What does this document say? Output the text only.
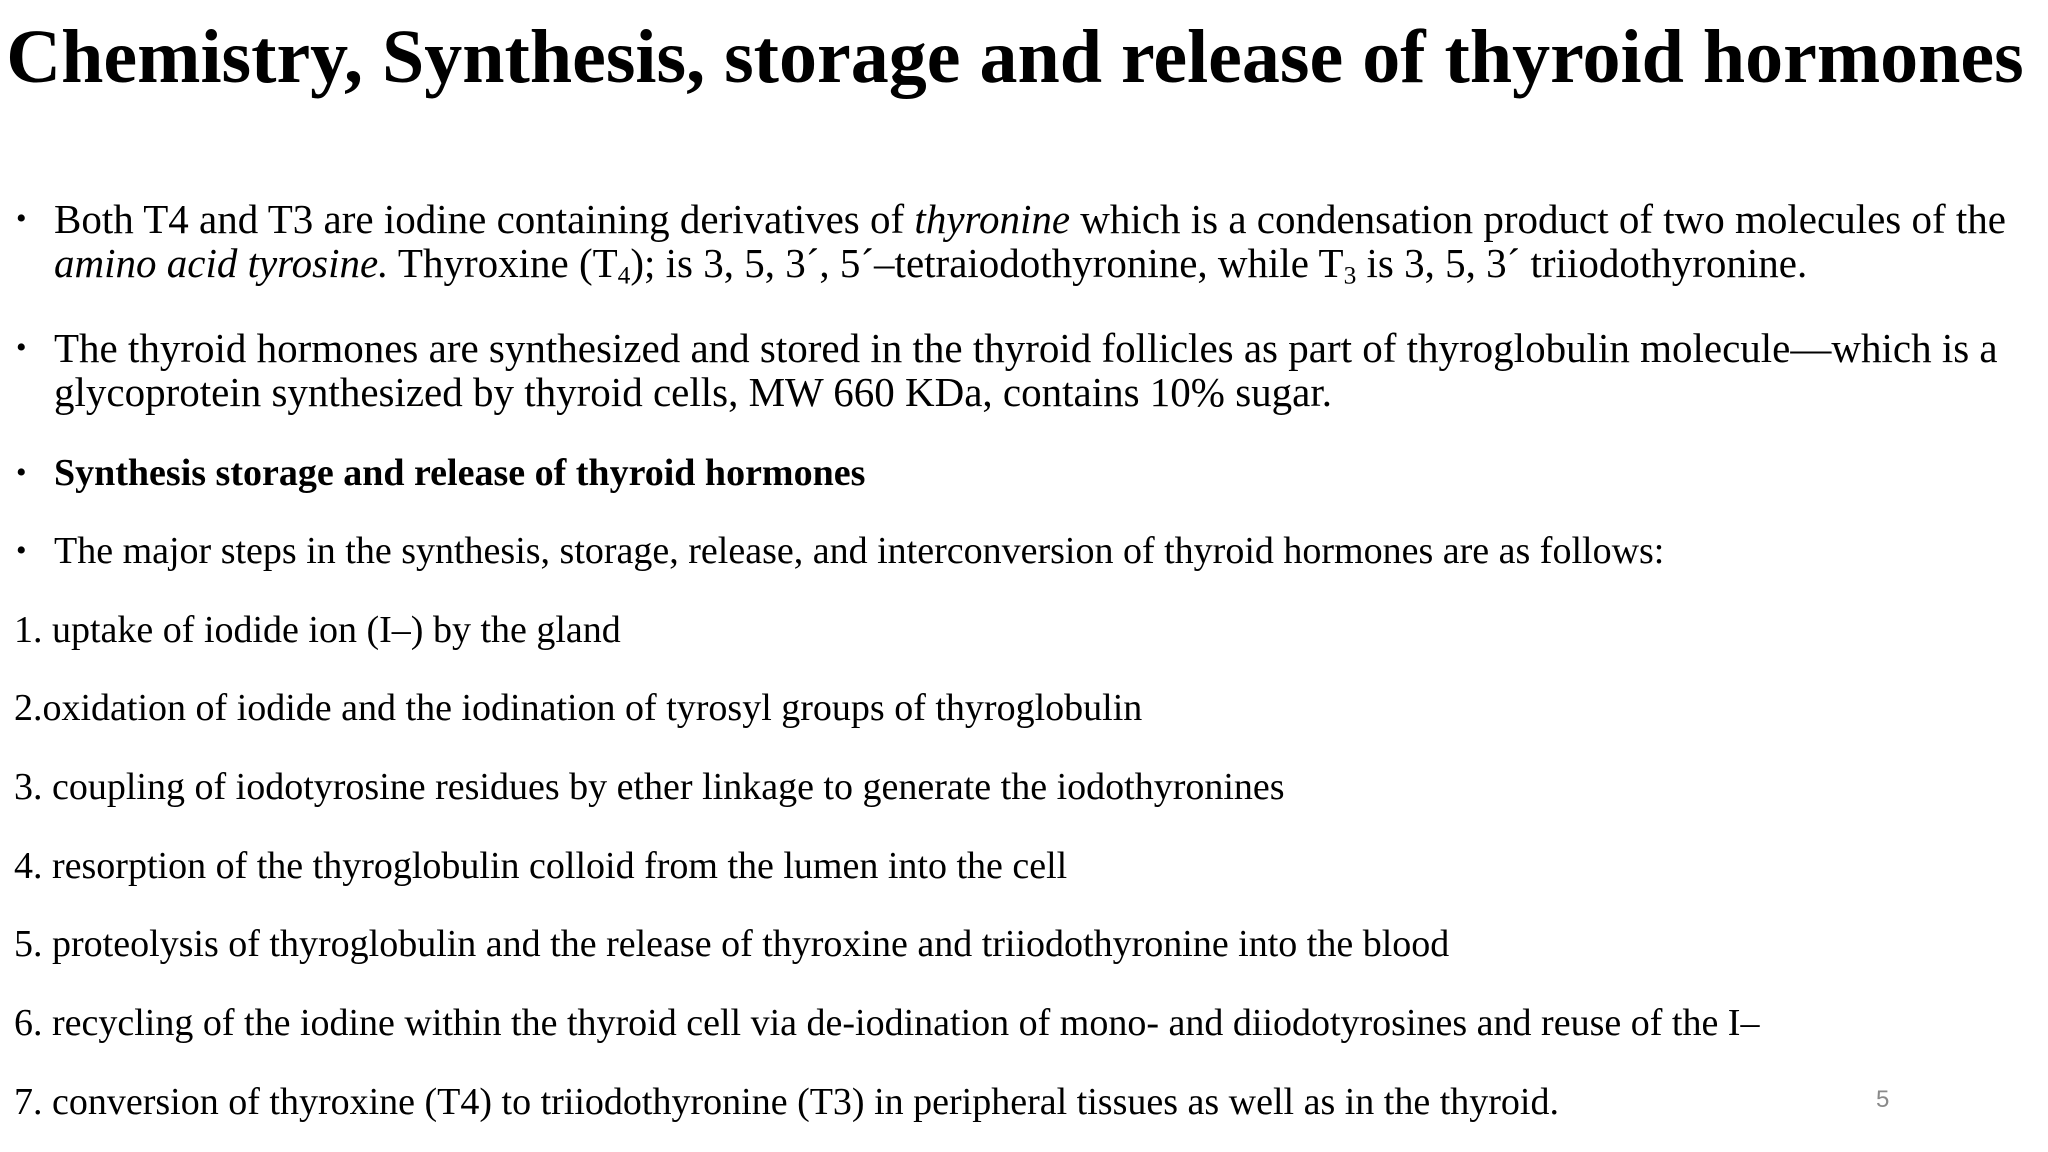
Chemistry, Synthesis, storage and release of thyroid hormones
• Both T4 and T3 are iodine containing derivatives of thyronine which is a condensation product of two molecules of the amino acid tyrosine. Thyroxine $(T_4)$; is 3, 5, 3´, 5´–tetraiodothyronine, while $T_3$ is 3, 5, 3´ triiodothyronine.
• The thyroid hormones are synthesized and stored in the thyroid follicles as part of thyroglobulin molecule—which is a glycoprotein synthesized by thyroid cells, MW 660 KDa, contains 10% sugar.
• Synthesis storage and release of thyroid hormones
• The major steps in the synthesis, storage, release, and interconversion of thyroid hormones are as follows:
1. uptake of iodide ion (I–) by the gland
2.oxidation of iodide and the iodination of tyrosyl groups of thyroglobulin
3. coupling of iodotyrosine residues by ether linkage to generate the iodothyronines
4. resorption of the thyroglobulin colloid from the lumen into the cell
5. proteolysis of thyroglobulin and the release of thyroxine and triiodothyronine into the blood
6. recycling of the iodine within the thyroid cell via de-iodination of mono- and diiodotyrosines and reuse of the I–
7. conversion of thyroxine (T4) to triiodothyronine (T3) in peripheral tissues as well as in the thyroid.	5
